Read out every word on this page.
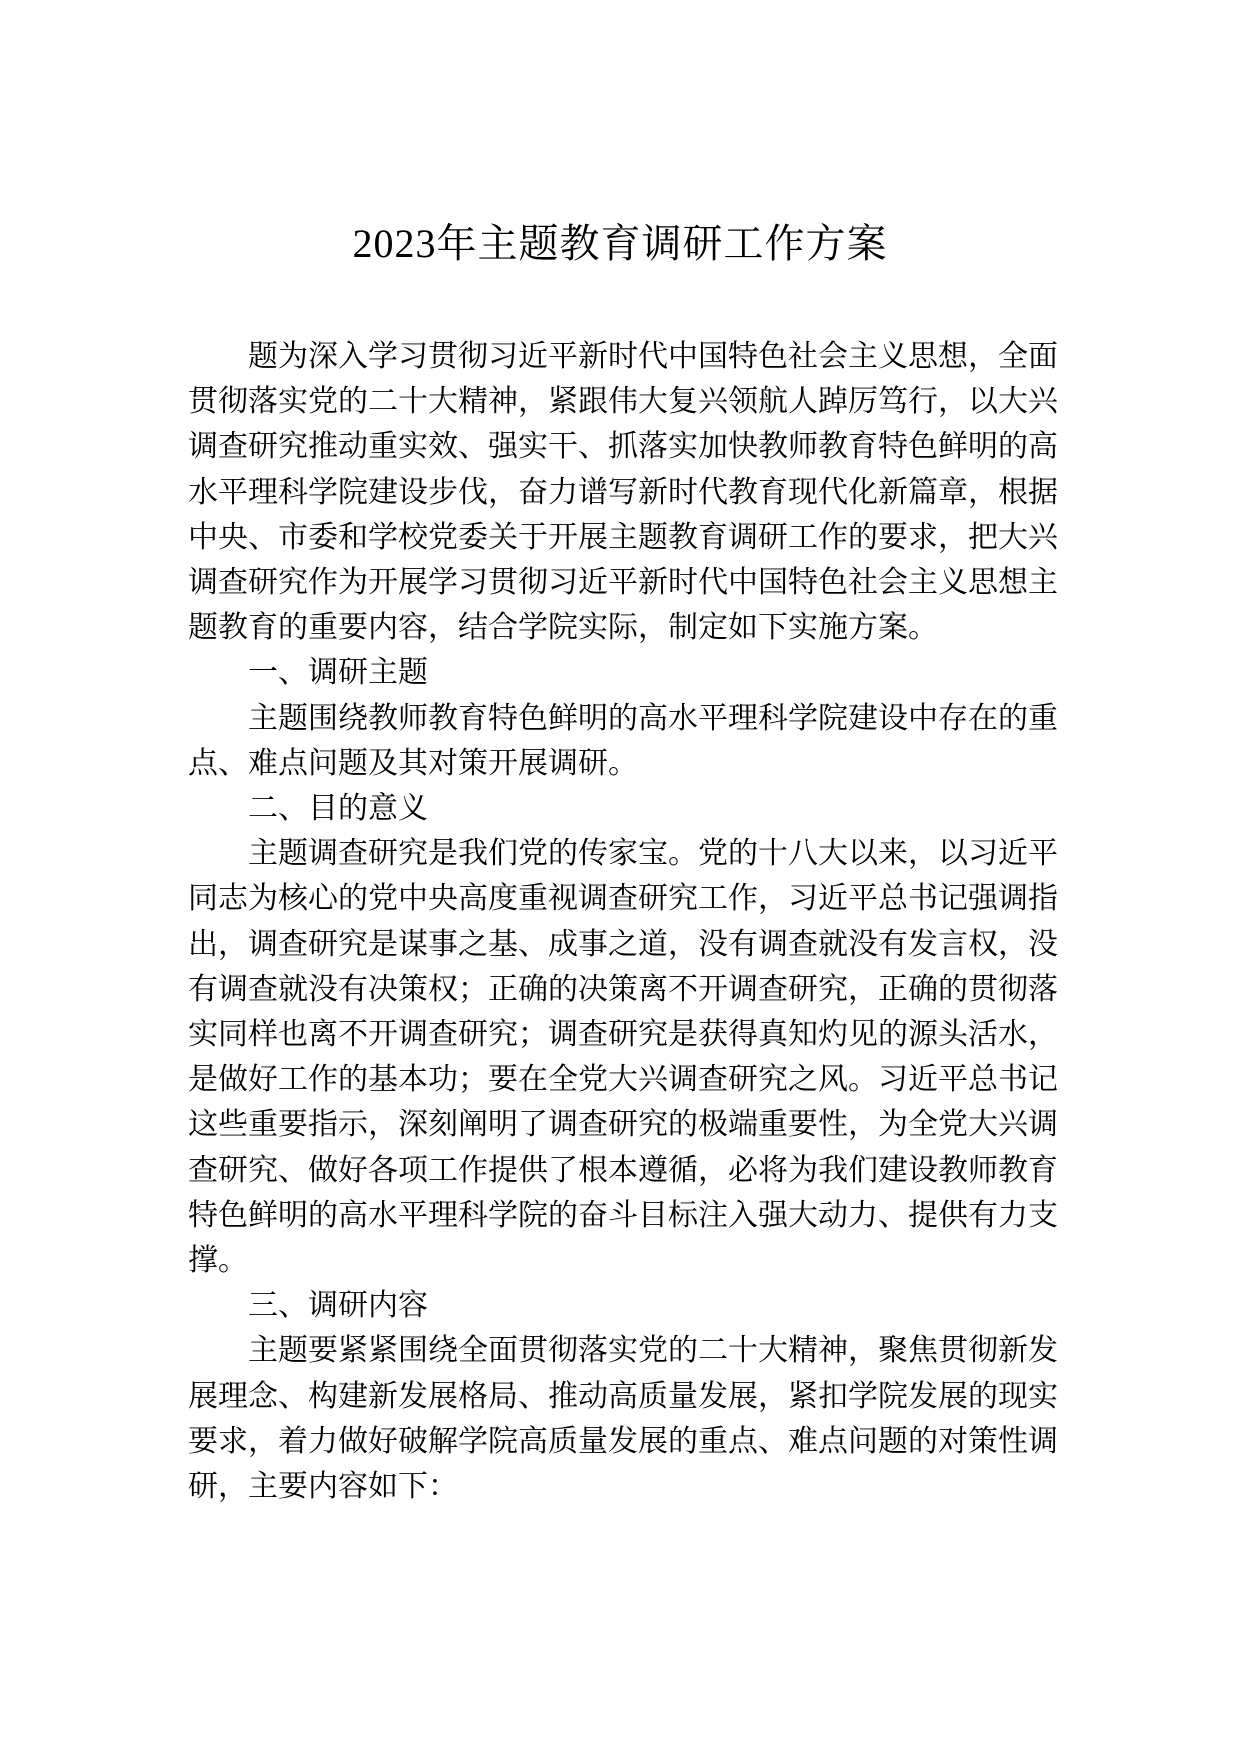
2023年主题教育调研工作方案

题为深入学习贯彻习近平新时代中国特色社会主义思想，全面贯彻落实党的二十大精神，紧跟伟大复兴领航人踔厉笃行，以大兴调查研究推动重实效、强实干、抓落实加快教师教育特色鲜明的高水平理科学院建设步伐，奋力谱写新时代教育现代化新篇章，根据中央、市委和学校党委关于开展主题教育调研工作的要求，把大兴调查研究作为开展学习贯彻习近平新时代中国特色社会主义思想主题教育的重要内容，结合学院实际，制定如下实施方案。

一、调研主题

主题围绕教师教育特色鲜明的高水平理科学院建设中存在的重点、难点问题及其对策开展调研。

二、目的意义

主题调查研究是我们党的传家宝。党的十八大以来，以习近平同志为核心的党中央高度重视调查研究工作，习近平总书记强调指出，调查研究是谋事之基、成事之道，没有调查就没有发言权，没有调查就没有决策权；正确的决策离不开调查研究，正确的贯彻落实同样也离不开调查研究；调查研究是获得真知灼见的源头活水，是做好工作的基本功；要在全党大兴调查研究之风。习近平总书记这些重要指示，深刻阐明了调查研究的极端重要性，为全党大兴调查研究、做好各项工作提供了根本遵循，必将为我们建设教师教育特色鲜明的高水平理科学院的奋斗目标注入强大动力、提供有力支撑。

三、调研内容

主题要紧紧围绕全面贯彻落实党的二十大精神，聚焦贯彻新发展理念、构建新发展格局、推动高质量发展，紧扣学院发展的现实要求，着力做好破解学院高质量发展的重点、难点问题的对策性调研，主要内容如下：
